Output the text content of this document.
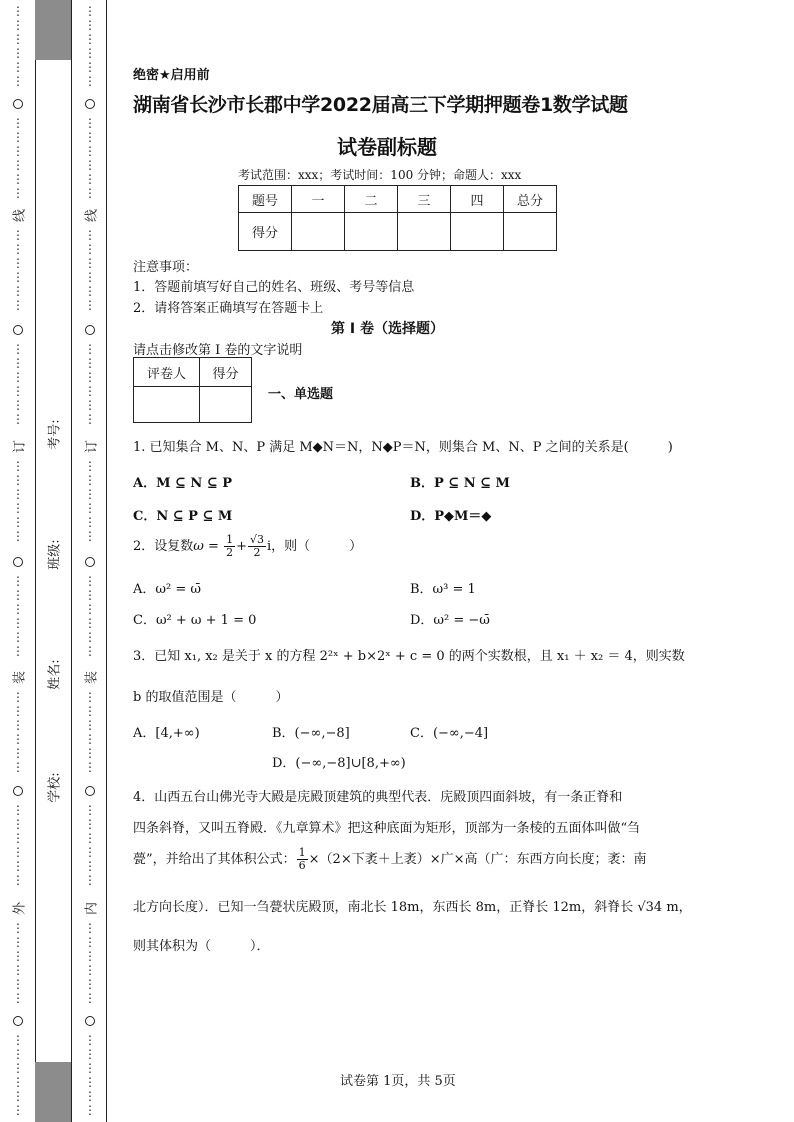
⋮
⋮
⋮
⋮
⋮
⋮
⋮
⋮
⋮
⋮
⋮
⋮
线
⋮
⋮
⋮
⋮
⋮
⋮
⋮
⋮
⋮
⋮
⋮
⋮
订
⋮
⋮
⋮
⋮
⋮
⋮
⋮
⋮
⋮
⋮
⋮
⋮
装
⋮
⋮
⋮
⋮
⋮
⋮
⋮
⋮
⋮
⋮
⋮
⋮
外
⋮
⋮
⋮
⋮
⋮
⋮
⋮
⋮
⋮
⋮
⋮
⋮
⋮
⋮
⋮
⋮
⋮
⋮
⋮
⋮
⋮
⋮
⋮
⋮
线
⋮
⋮
⋮
⋮
⋮
⋮
⋮
⋮
⋮
⋮
⋮
⋮
订
⋮
⋮
⋮
⋮
⋮
⋮
⋮
⋮
⋮
⋮
⋮
⋮
装
⋮
⋮
⋮
⋮
⋮
⋮
⋮
⋮
⋮
⋮
⋮
⋮
内
⋮
⋮
⋮
⋮
⋮
⋮
⋮
⋮
⋮
⋮
⋮
⋮
考号:
班级:
姓名:
学校:
绝密★启用前
湖南省长沙市长郡中学2022届高三下学期押题卷1数学试题
试卷副标题
考试范围：xxx；考试时间：100 分钟；命题人：xxx
题号	一	二	三	四	总分
得分					
注意事项：
1．答题前填写好自己的姓名、班级、考号等信息
2．请将答案正确填写在答题卡上
第 I 卷（选择题）
请点击修改第 I 卷的文字说明
评卷人	得分

一、单选题
1. 已知集合 M、N、P 满足 M◆N＝N，N◆P＝N，则集合 M、N、P 之间的关系是(　　　)
A．M ⊆ N ⊆ P	B．P ⊆ N ⊆ M
C．N ⊆ P ⊆ M	D．P◆M＝◆
2．设复数$\omega = \frac{1}{2} + \frac{√3}{2}$ i，则（　　　）
A．ω² = ω̄	B．ω³ = 1
C．ω² + ω + 1 = 0	D．ω² = −ω̄
3．已知 x₁, x₂ 是关于 x 的方程 2²ˣ + b×2ˣ + c = 0 的两个实数根，且 x₁ ＋ x₂ ＝ 4，则实数
b 的取值范围是（　　　）
A．[4,+∞)	B．(−∞,−8]	C．(−∞,−4]
D．(−∞,−8]∪[8,+∞)
4．山西五台山佛光寺大殿是庑殿顶建筑的典型代表．庑殿顶四面斜坡，有一条正脊和
四条斜脊，又叫五脊殿．《九章算术》把这种底面为矩形，顶部为一条棱的五面体叫做“刍
甍”，并给出了其体积公式： $\frac{1}{6} \times(2\times$下袤＋上袤）×广×高（广：东西方向长度；袤：南
北方向长度）．已知一刍甍状庑殿顶，南北长 18m，东西长 8m，正脊长 12m，斜脊长 √34 m，
则其体积为（　　　）．
试卷第 1页，共 5页
